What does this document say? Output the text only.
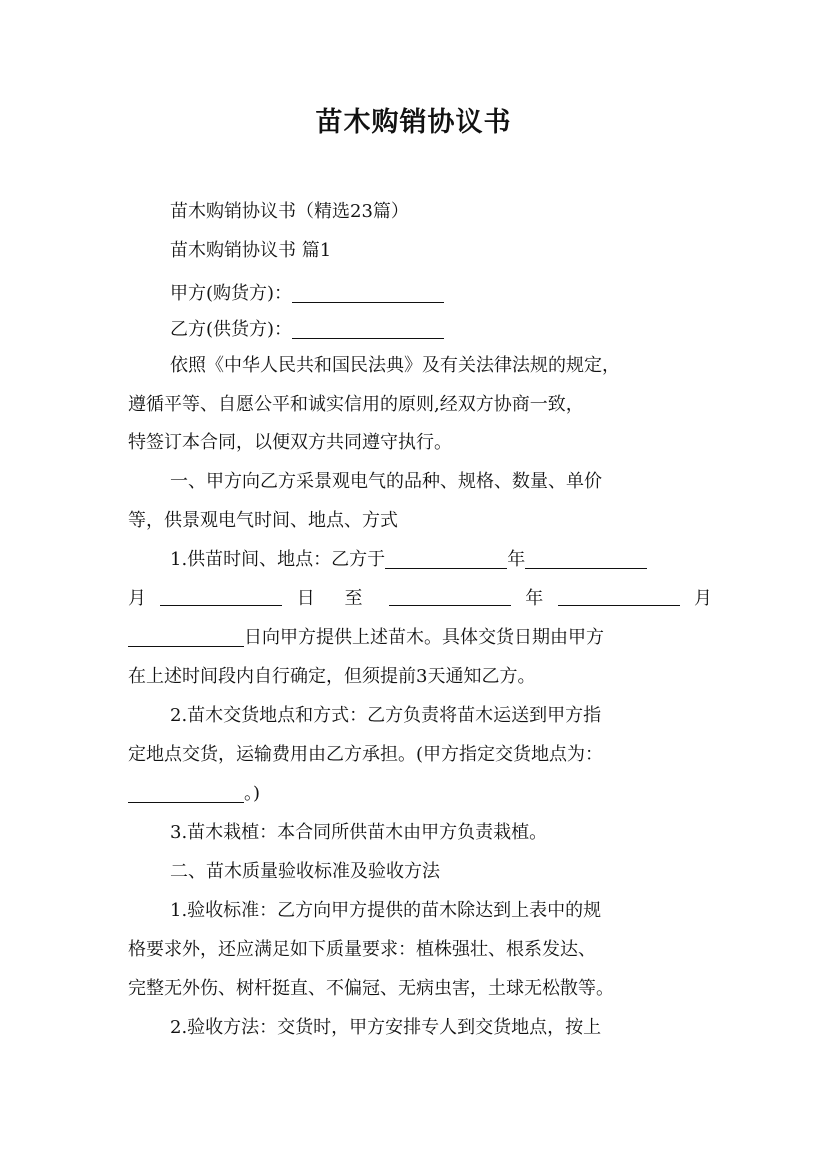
苗木购销协议书

苗木购销协议书（精选23篇）

苗木购销协议书 篇1

甲方(购货方)：

乙方(供货方)：

依照《中华人民共和国民法典》及有关法律法规的规定，

遵循平等、自愿公平和诚实信用的原则,经双方协商一致，

特签订本合同，以便双方共同遵守执行。

一、甲方向乙方采景观电气的品种、规格、数量、单价

等，供景观电气时间、地点、方式

1.供苗时间、地点：乙方于	年

月	日 至	年	月

日向甲方提供上述苗木。具体交货日期由甲方

在上述时间段内自行确定，但须提前3天通知乙方。

2.苗木交货地点和方式：乙方负责将苗木运送到甲方指

定地点交货，运输费用由乙方承担。(甲方指定交货地点为：

。)

3.苗木栽植：本合同所供苗木由甲方负责栽植。

二、苗木质量验收标准及验收方法

1.验收标准：乙方向甲方提供的苗木除达到上表中的规

格要求外，还应满足如下质量要求：植株强壮、根系发达、

完整无外伤、树杆挺直、不偏冠、无病虫害，土球无松散等。

2.验收方法：交货时，甲方安排专人到交货地点，按上
